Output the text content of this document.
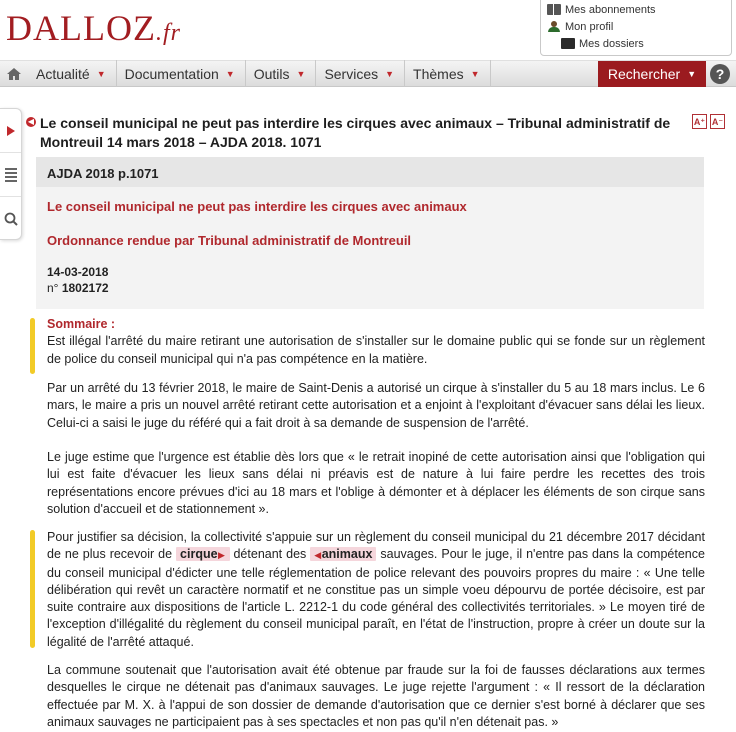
DALLOZ.fr
Mes abonnements
Mon profil
Mes dossiers
Actualité ▼ Documentation ▼ Outils ▼ Services ▼ Thèmes ▼	Rechercher ▼	?
◀ Le conseil municipal ne peut pas interdire les cirques avec animaux – Tribunal administratif de Montreuil 14 mars 2018 – AJDA 2018. 1071
A⁺ A⁻
AJDA 2018 p.1071
Le conseil municipal ne peut pas interdire les cirques avec animaux
Ordonnance rendue par Tribunal administratif de Montreuil
14-03-2018
n° 1802172
Sommaire :
Est illégal l'arrêté du maire retirant une autorisation de s'installer sur le domaine public qui se fonde sur un règlement de police du conseil municipal qui n'a pas compétence en la matière.
Par un arrêté du 13 février 2018, le maire de Saint-Denis a autorisé un cirque à s'installer du 5 au 18 mars inclus. Le 6 mars, le maire a pris un nouvel arrêté retirant cette autorisation et a enjoint à l'exploitant d'évacuer sans délai les lieux. Celui-ci a saisi le juge du référé qui a fait droit à sa demande de suspension de l'arrêté.
Le juge estime que l'urgence est établie dès lors que « le retrait inopiné de cette autorisation ainsi que l'obligation qui lui est faite d'évacuer les lieux sans délai ni préavis est de nature à lui faire perdre les recettes des trois représentations encore prévues d'ici au 18 mars et l'oblige à démonter et à déplacer les éléments de son cirque sans solution d'accueil et de stationnement ».
Pour justifier sa décision, la collectivité s'appuie sur un règlement du conseil municipal du 21 décembre 2017 décidant de ne plus recevoir de cirque▶ détenant des ◀animaux sauvages. Pour le juge, il n'entre pas dans la compétence du conseil municipal d'édicter une telle réglementation de police relevant des pouvoirs propres du maire : « Une telle délibération qui revêt un caractère normatif et ne constitue pas un simple voeu dépourvu de portée décisoire, est par suite contraire aux dispositions de l'article L. 2212-1 du code général des collectivités territoriales. » Le moyen tiré de l'exception d'illégalité du règlement du conseil municipal paraît, en l'état de l'instruction, propre à créer un doute sur la légalité de l'arrêté attaqué.
La commune soutenait que l'autorisation avait été obtenue par fraude sur la foi de fausses déclarations aux termes desquelles le cirque ne détenait pas d'animaux sauvages. Le juge rejette l'argument : « Il ressort de la déclaration effectuée par M. X. à l'appui de son dossier de demande d'autorisation que ce dernier s'est borné à déclarer que ses animaux sauvages ne participaient pas à ses spectacles et non pas qu'il n'en détenait pas. »
